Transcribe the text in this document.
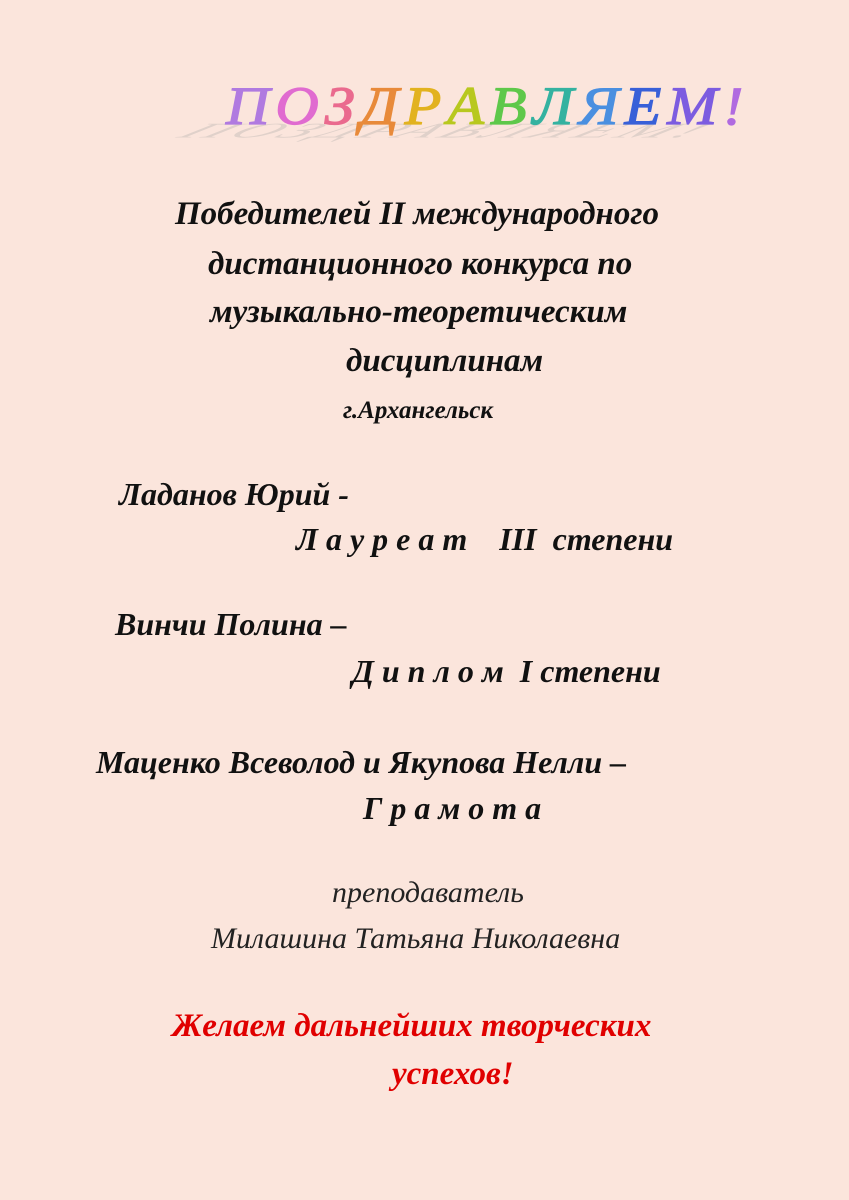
ПОЗДРАВЛЯЕМ!
ПОЗДРАВЛЯЕМ!
Победителей II международного
дистанционного конкурса по
музыкально-теоретическим
дисциплинам
г.Архангельск
Ладанов Юрий -
Л а у р е а т    III  степени
Винчи Полина –
Д и п л о м  I степени
Маценко Всеволод и Якупова Нелли –
Г р а м о т а
преподаватель
Милашина Татьяна Николаевна
Желаем дальнейших творческих
успехов!
